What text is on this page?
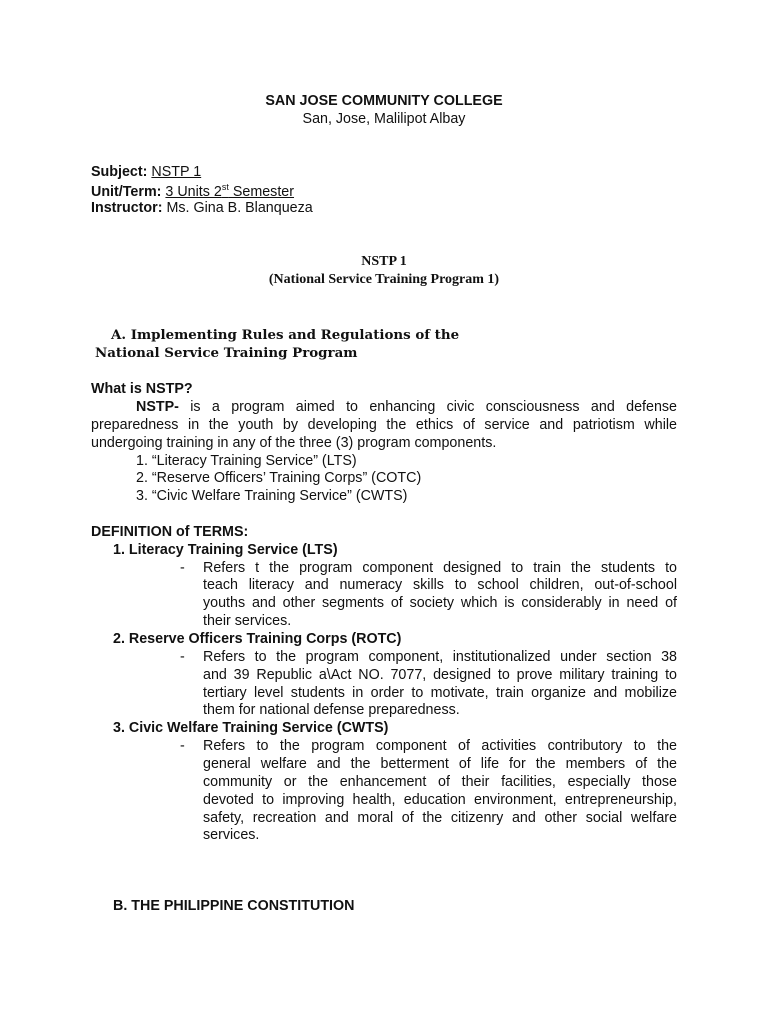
SAN JOSE COMMUNITY COLLEGE
San, Jose, Malilipot Albay
Subject: NSTP 1
Unit/Term: 3 Units 2st Semester
Instructor: Ms. Gina B. Blanqueza
NSTP 1
(National Service Training Program 1)
A. Implementing Rules and Regulations of the
National Service Training Program
What is NSTP?
NSTP- is a program aimed to enhancing civic consciousness and defense
preparedness in the youth by developing the ethics of service and patriotism while
undergoing training in any of the three (3) program components.
1. “Literacy Training Service” (LTS)
2. “Reserve Officers’ Training Corps” (COTC)
3. “Civic Welfare Training Service” (CWTS)
DEFINITION of TERMS:
1. Literacy Training Service (LTS)
- Refers t the program component designed to train the students to
teach literacy and numeracy skills to school children, out-of-school
youths and other segments of society which is considerably in need of
their services.
2. Reserve Officers Training Corps (ROTC)
- Refers to the program component, institutionalized under section 38
and 39 Republic a\Act NO. 7077, designed to prove military training to
tertiary level students in order to motivate, train organize and mobilize
them for national defense preparedness.
3. Civic Welfare Training Service (CWTS)
- Refers to the program component of activities contributory to the
general welfare and the betterment of life for the members of the
community or the enhancement of their facilities, especially those
devoted to improving health, education environment, entrepreneurship,
safety, recreation and moral of the citizenry and other social welfare
services.
B. THE PHILIPPINE CONSTITUTION
